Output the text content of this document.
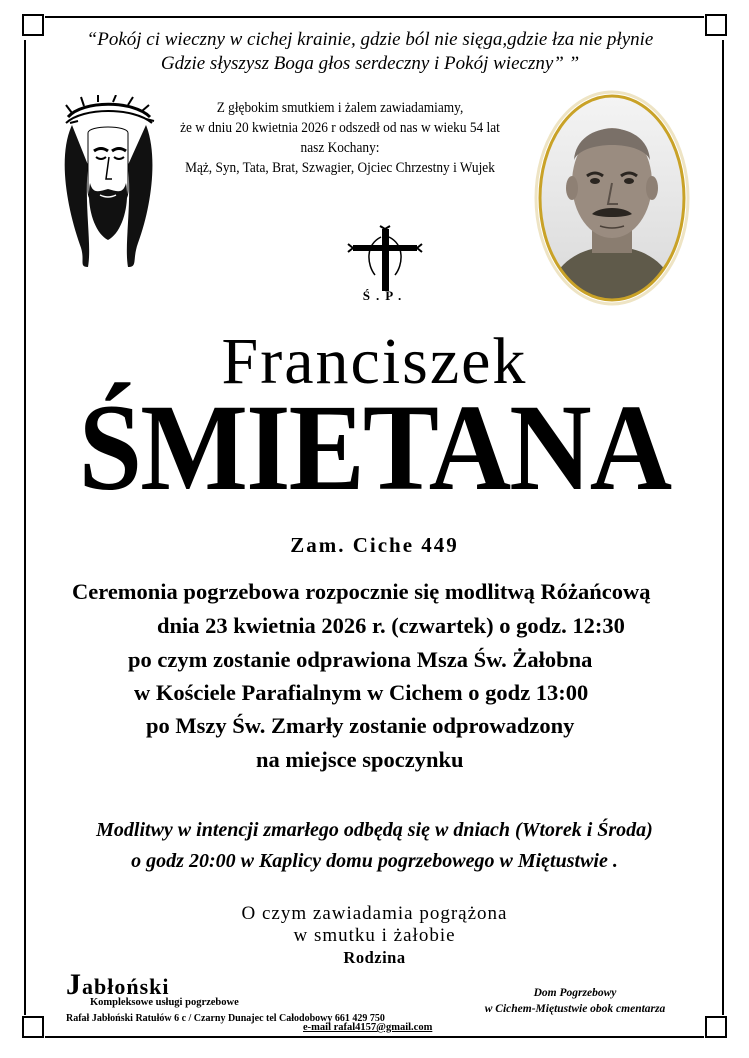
“Pokój ci wieczny w cichej krainie, gdzie ból nie sięga,gdzie łza nie płynie
Gdzie słyszysz Boga głos serdeczny i Pokój wieczny” ”
Z głębokim smutkiem i żalem zawiadamiamy,
że w dniu 20 kwietnia 2026 r odszedł od nas w wieku 54 lat
nasz Kochany:
Mąż, Syn, Tata, Brat, Szwagier, Ojciec Chrzestny i Wujek
Ś.P.
Franciszek
ŚMIETANA
Zam. Ciche 449
Ceremonia pogrzebowa rozpocznie się modlitwą Różańcową
dnia 23 kwietnia 2026 r. (czwartek) o godz. 12:30
po czym zostanie odprawiona Msza Św. Żałobna
w Kościele Parafialnym w Cichem o godz 13:00
po Mszy Św. Zmarły zostanie odprowadzony
na miejsce spoczynku
Modlitwy w intencji zmarłego odbędą się w dniach (Wtorek i Środa)
o godz 20:00 w Kaplicy domu pogrzebowego w Miętustwie .
O czym zawiadamia pogrążona
w smutku i żałobie
Rodzina
Jabłoński
Kompleksowe usługi pogrzebowe
Rafał Jabłoński Ratułów 6 c / Czarny Dunajec tel Całodobowy 661 429 750
e-mail rafal4157@gmail.com
Dom Pogrzebowy
w Cichem-Miętustwie obok cmentarza
